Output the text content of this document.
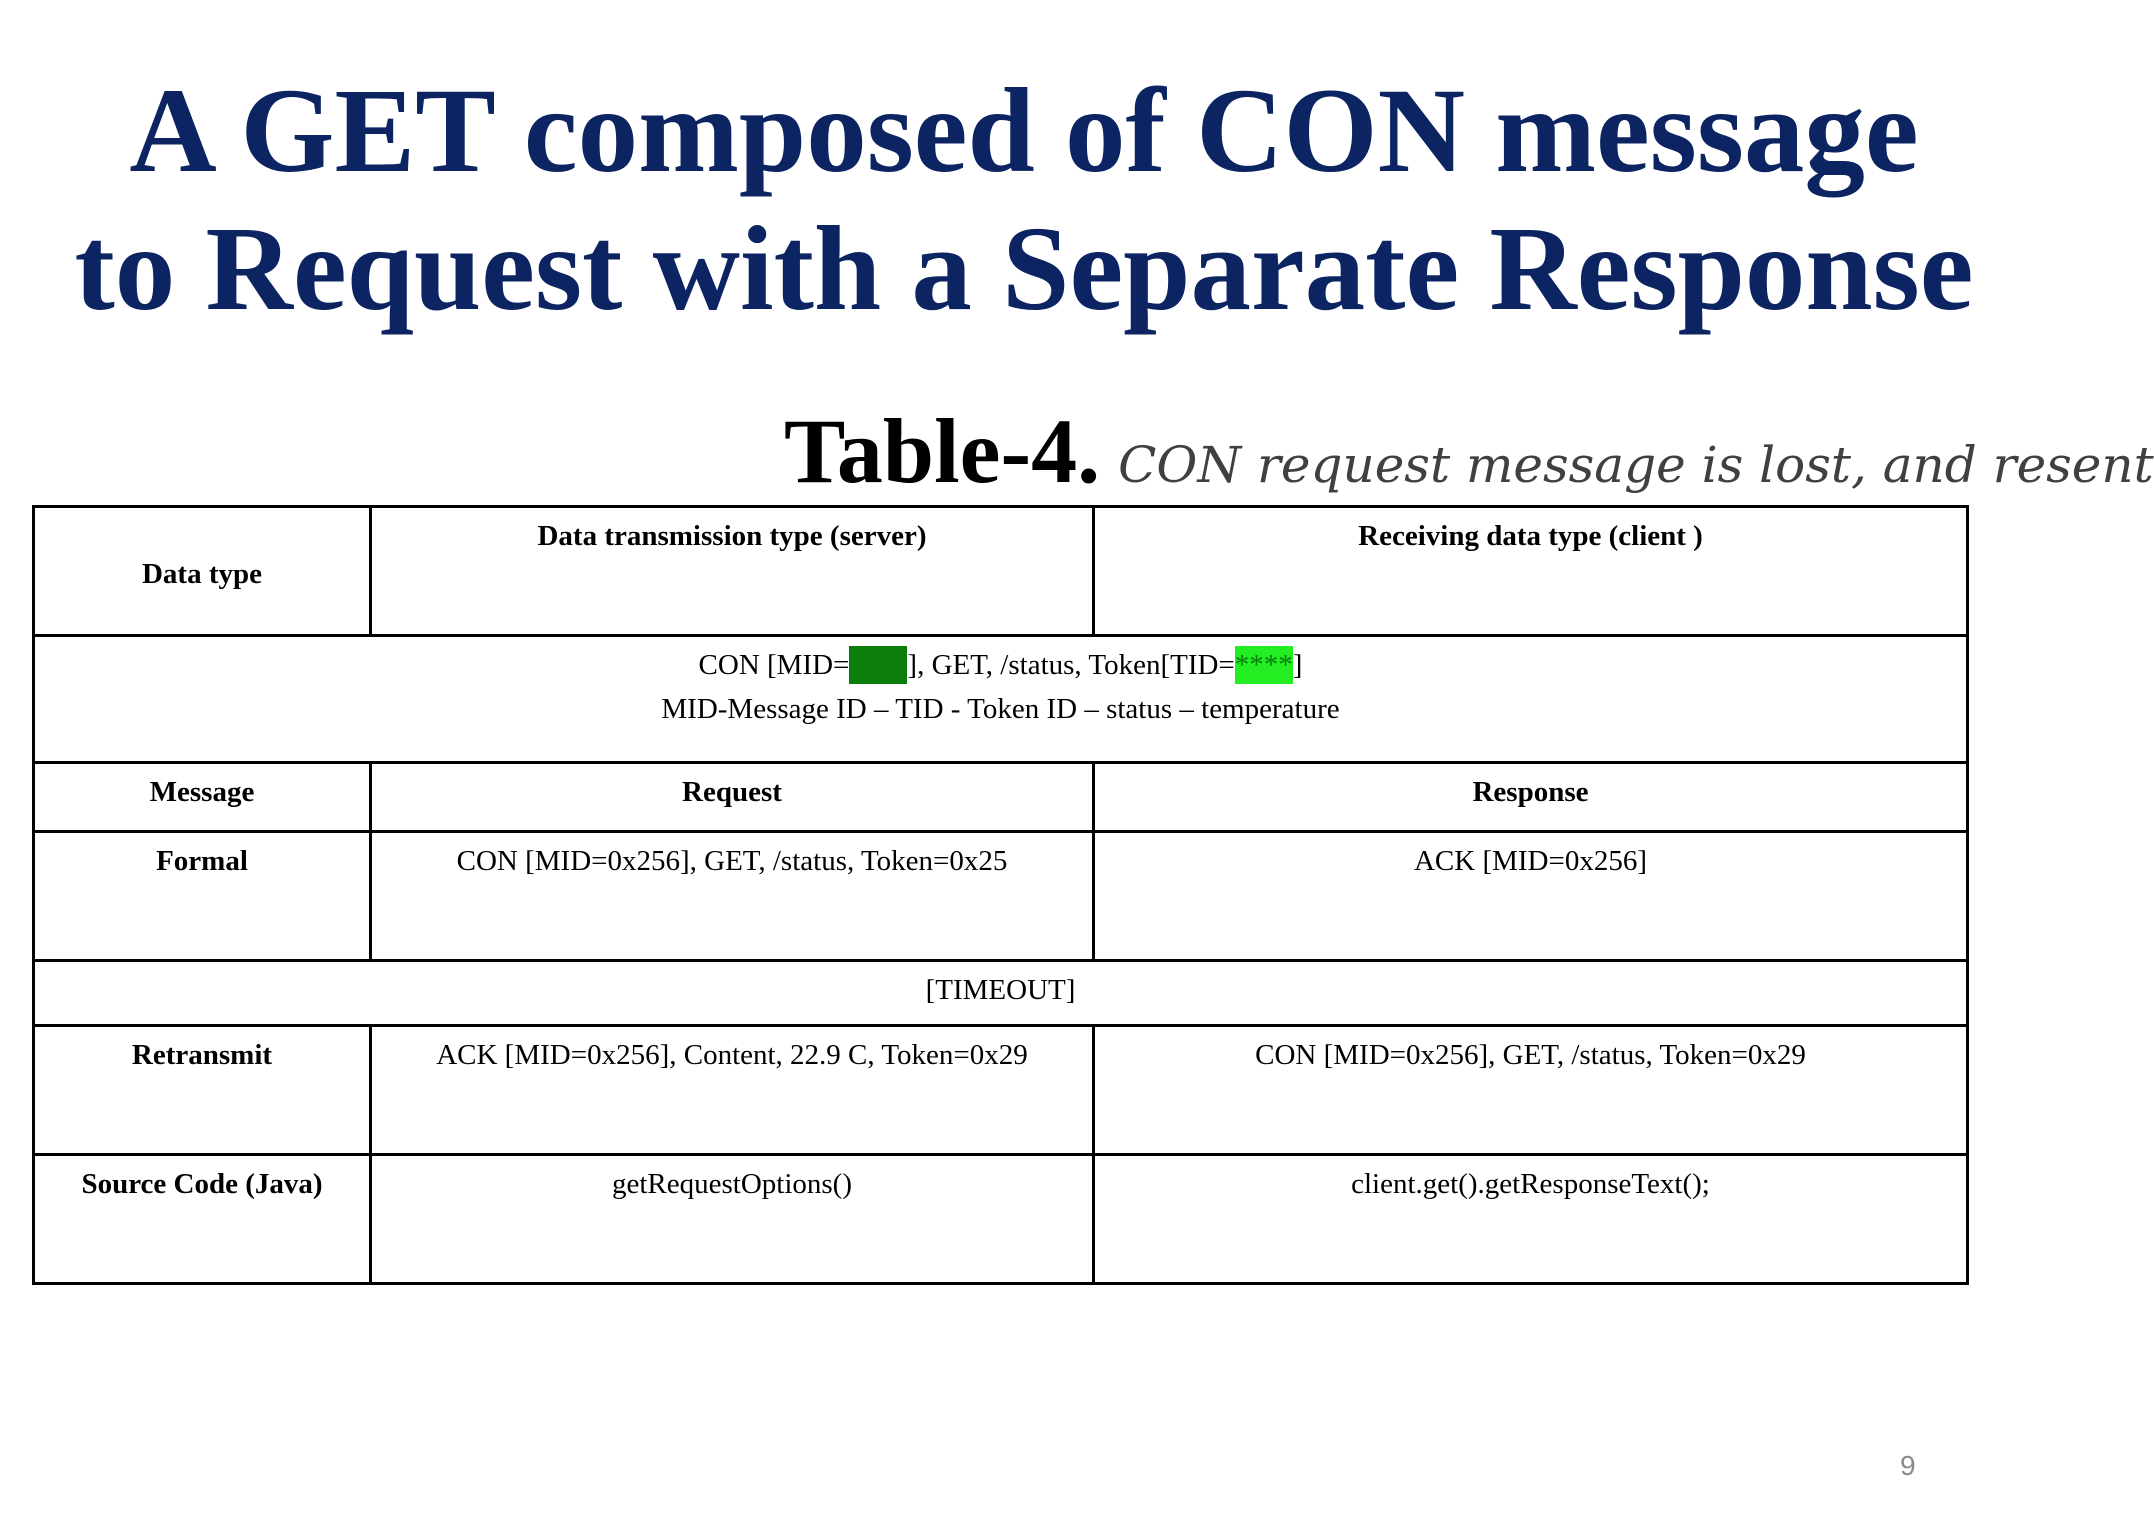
A GET composed of CON message
to Request with a Separate Response
Table-4. CON request message is lost, and resent
Data type	Data transmission type (server)	Receiving data type (client )

CON [MID=****], GET, /status, Token[TID=****]
MID-Message ID – TID - Token ID – status – temperature		

Message	Request	Response
Formal	CON [MID=0x256], GET, /status, Token=0x25	ACK [MID=0x256]
[TIMEOUT]		
Retransmit	ACK [MID=0x256], Content, 22.9 C, Token=0x29	CON [MID=0x256], GET, /status, Token=0x29
Source Code (Java)	getRequestOptions()	client.get().getResponseText();
9
